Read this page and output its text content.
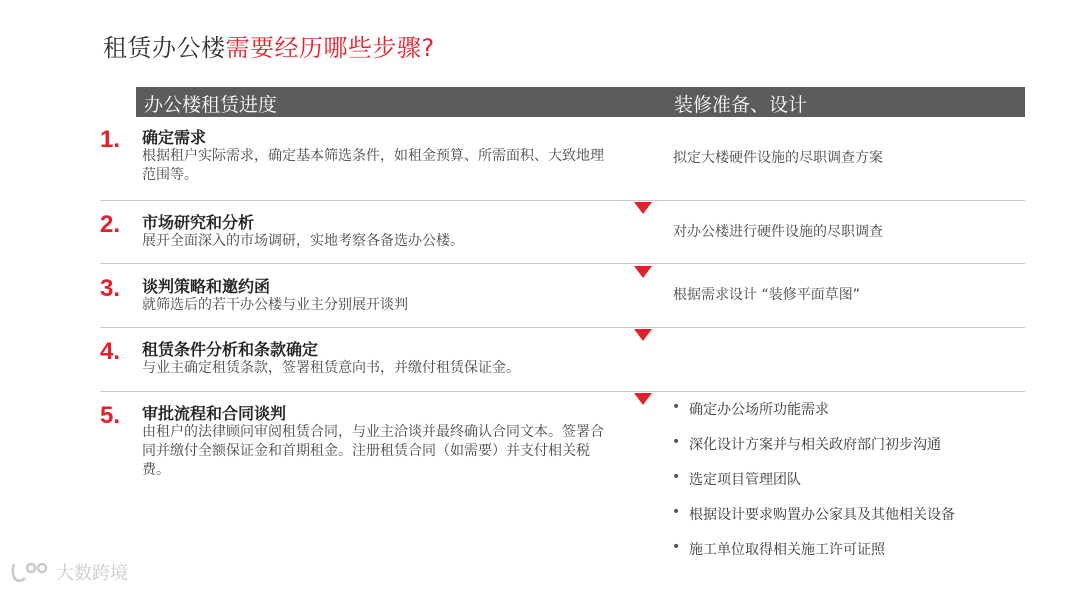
租赁办公楼需要经历哪些步骤?
办公楼租赁进度	装修准备、设计
1. 确定需求
根据租户实际需求，确定基本筛选条件，如租金预算、所需面积、大致地理范围等。
拟定大楼硬件设施的尽职调查方案
2. 市场研究和分析
展开全面深入的市场调研，实地考察各备选办公楼。
对办公楼进行硬件设施的尽职调查
3. 谈判策略和邀约函
就筛选后的若干办公楼与业主分别展开谈判
根据需求设计 “装修平面草图”
4. 租赁条件分析和条款确定
与业主确定租赁条款，签署租赁意向书，并缴付租赁保证金。
5. 审批流程和合同谈判
由租户的法律顾问审阅租赁合同，与业主洽谈并最终确认合同文本。签署合同并缴付全额保证金和首期租金。注册租赁合同（如需要）并支付相关税费。
• 确定办公场所功能需求
• 深化设计方案并与相关政府部门初步沟通
• 选定项目管理团队
• 根据设计要求购置办公家具及其他相关设备
• 施工单位取得相关施工许可证照
大数跨境
